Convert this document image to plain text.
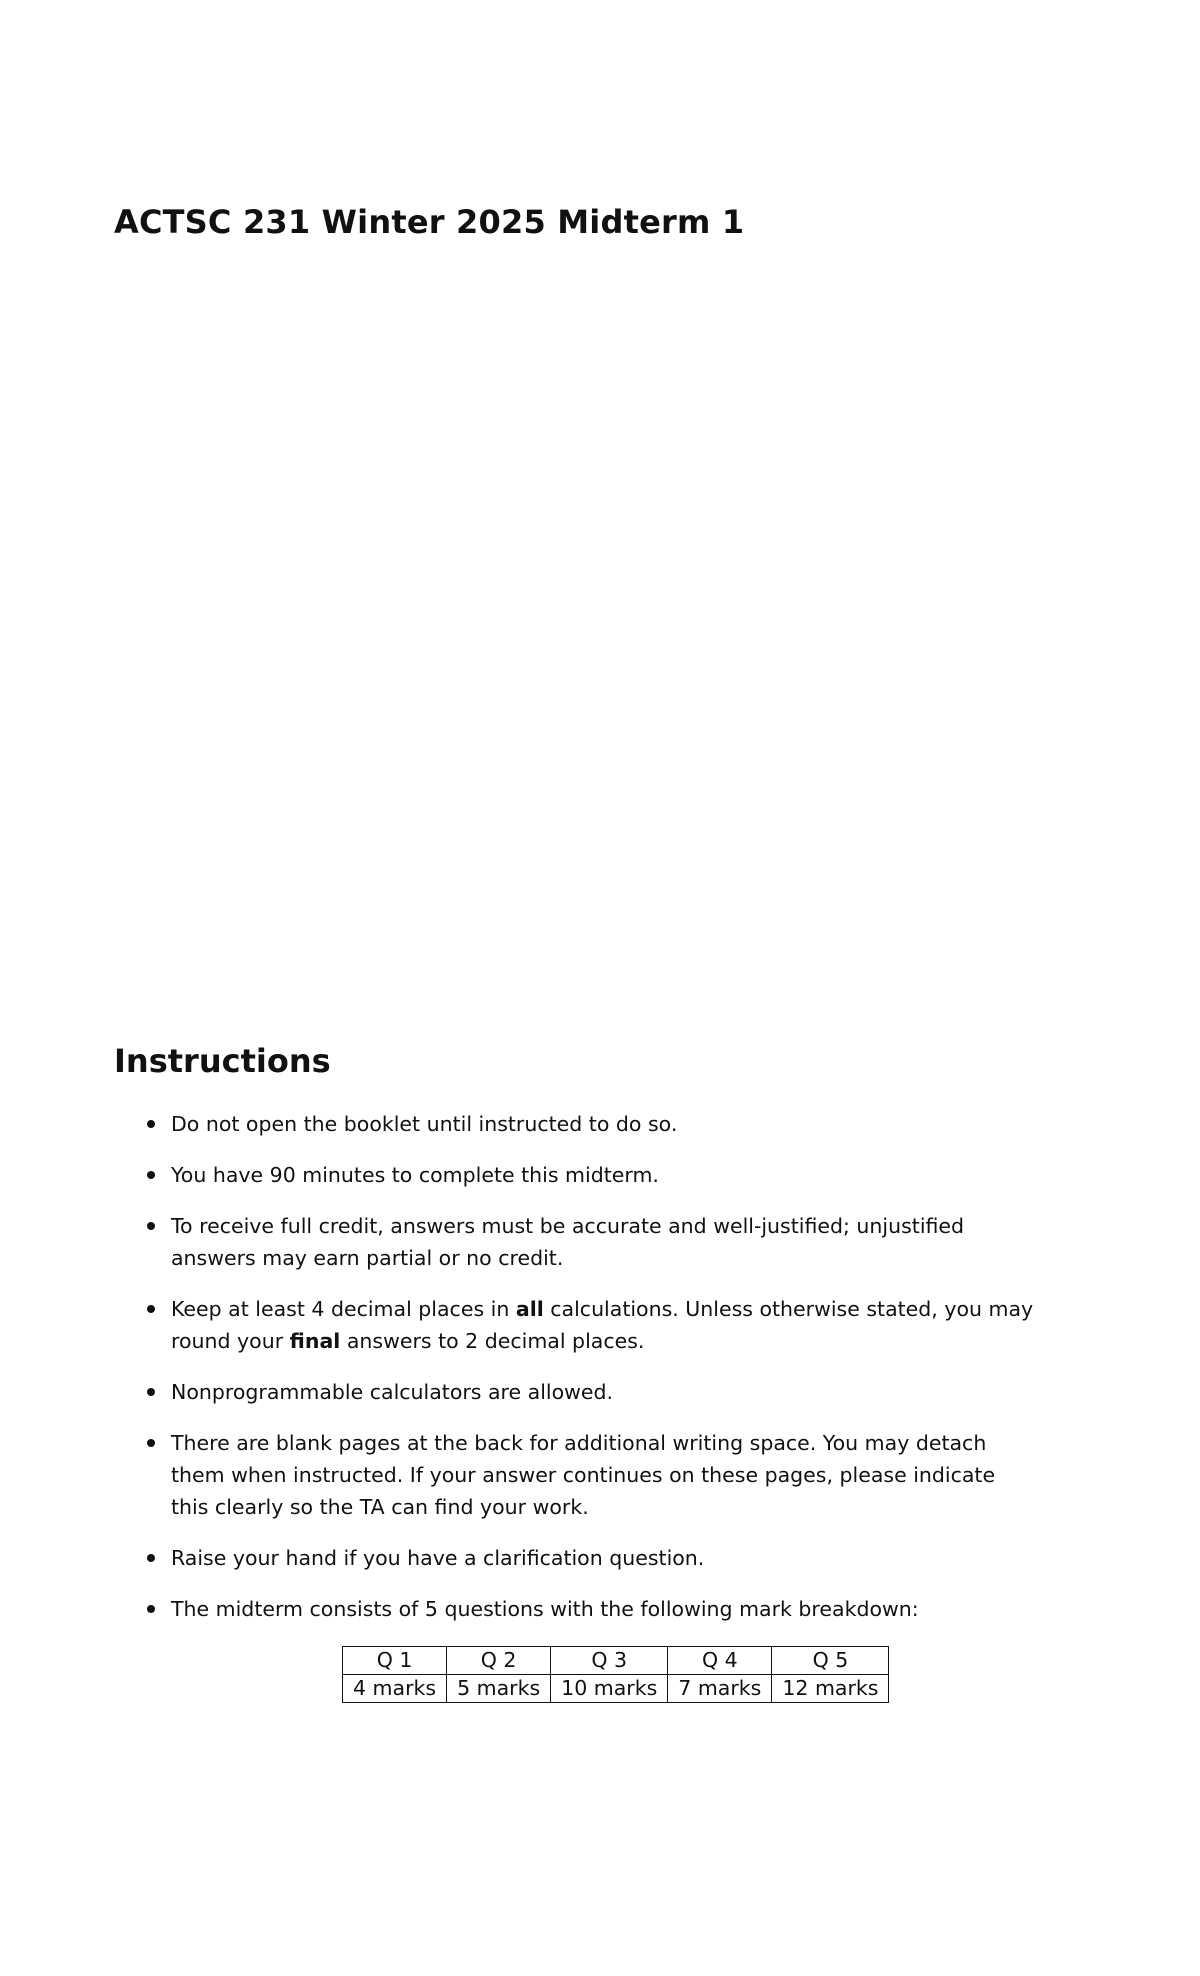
ACTSC 231 Winter 2025 Midterm 1
Instructions
Do not open the booklet until instructed to do so.
You have 90 minutes to complete this midterm.
To receive full credit, answers must be accurate and well-justified; unjustified answers may earn partial or no credit.
Keep at least 4 decimal places in all calculations. Unless otherwise stated, you may round your final answers to 2 decimal places.
Nonprogrammable calculators are allowed.
There are blank pages at the back for additional writing space. You may detach them when instructed. If your answer continues on these pages, please indicate this clearly so the TA can find your work.
Raise your hand if you have a clarification question.
The midterm consists of 5 questions with the following mark breakdown:
Q 1	Q 2	Q 3	Q 4	Q 5
4 marks	5 marks	10 marks	7 marks	12 marks
